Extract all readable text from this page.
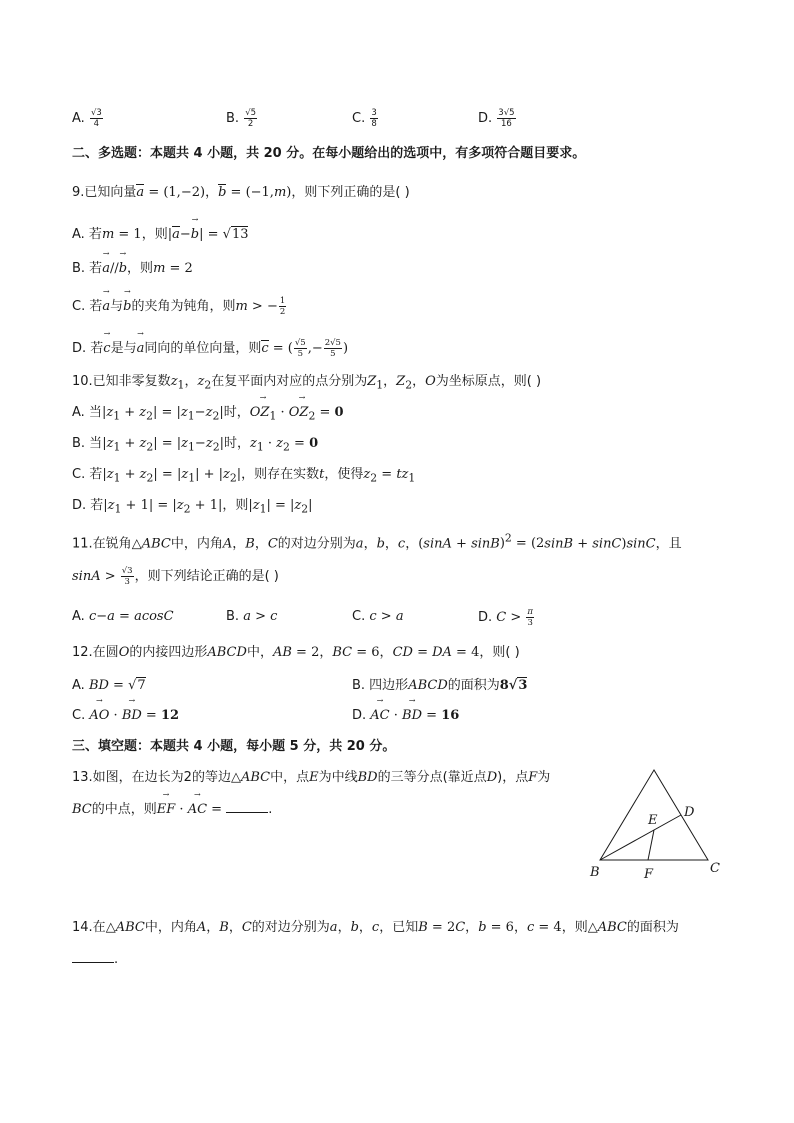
A. $\frac{√3}{4}$	B. $\frac{√5}{2}$	C. $\frac{3}{8}$	D. $\frac{3√5}{16}$
二、多选题：本题共 4 小题，共 20 分。在每小题给出的选项中，有多项符合题目要求。
9.已知向量a = (1,−2)，b = (−1,m)，则下列正确的是( )
A. 若m = 1，则|a−→ b| = √13
B. 若→ a//→ b，则m = 2
C. 若→ a与→ b的夹角为钝角，则m > − $\frac{1}{2}$
D. 若→ c是与→ a同向的单位向量，则c = ( $\frac{√5}{5}$ ,− $\frac{2√5}{5}$ )
10.已知非零复数$z_1$，$z_2$在复平面内对应的点分别为$Z_1$，$Z_2$，O为坐标原点，则( )
A. 当$|z_1 + z_2| = |z_1-z_2|$时，→ $OZ_1$ · → $OZ_2 = 0$
B. 当$|z_1 + z_2| = |z_1-z_2|$时，$z_1 \cdot z_2 = 0$
C. 若$|z_1 + z_2| = |z_1| + |z_2|$，则存在实数t，使得$z_2 = tz_1$
D. 若$|z_1 + 1| = |z_2 + 1|$，则$|z_1| = |z_2|$
11.在锐角△ABC中，内角A，B，C的对边分别为a，b，c，$(\sin A + \sin B)^2 = (2\sin B + \sin C)\sin C$，且
$\sin A > \frac{√3}{3}$ ，则下列结论正确的是( )
A. c−a = acosC	B. a > c	C. c > a	D. $C > \frac{\pi}{3}$
12.在圆O的内接四边形ABCD中，AB = 2，BC = 6，CD = DA = 4，则( )
A. BD = √7	B. 四边形ABCD的面积为8√3
C. → AO · → BD = 12	D. → AC · → BD = 16
三、填空题：本题共 4 小题，每小题 5 分，共 20 分。
13.如图，在边长为2的等边△ABC中，点E为中线BD的三等分点(靠近点D)，点F为
BC的中点，则→ EF · → AC =	.
B	C
D
E
F
14.在△ABC中，内角A，B，C的对边分别为a，b，c，已知B = 2C，b = 6，c = 4，则△ABC的面积为
.
